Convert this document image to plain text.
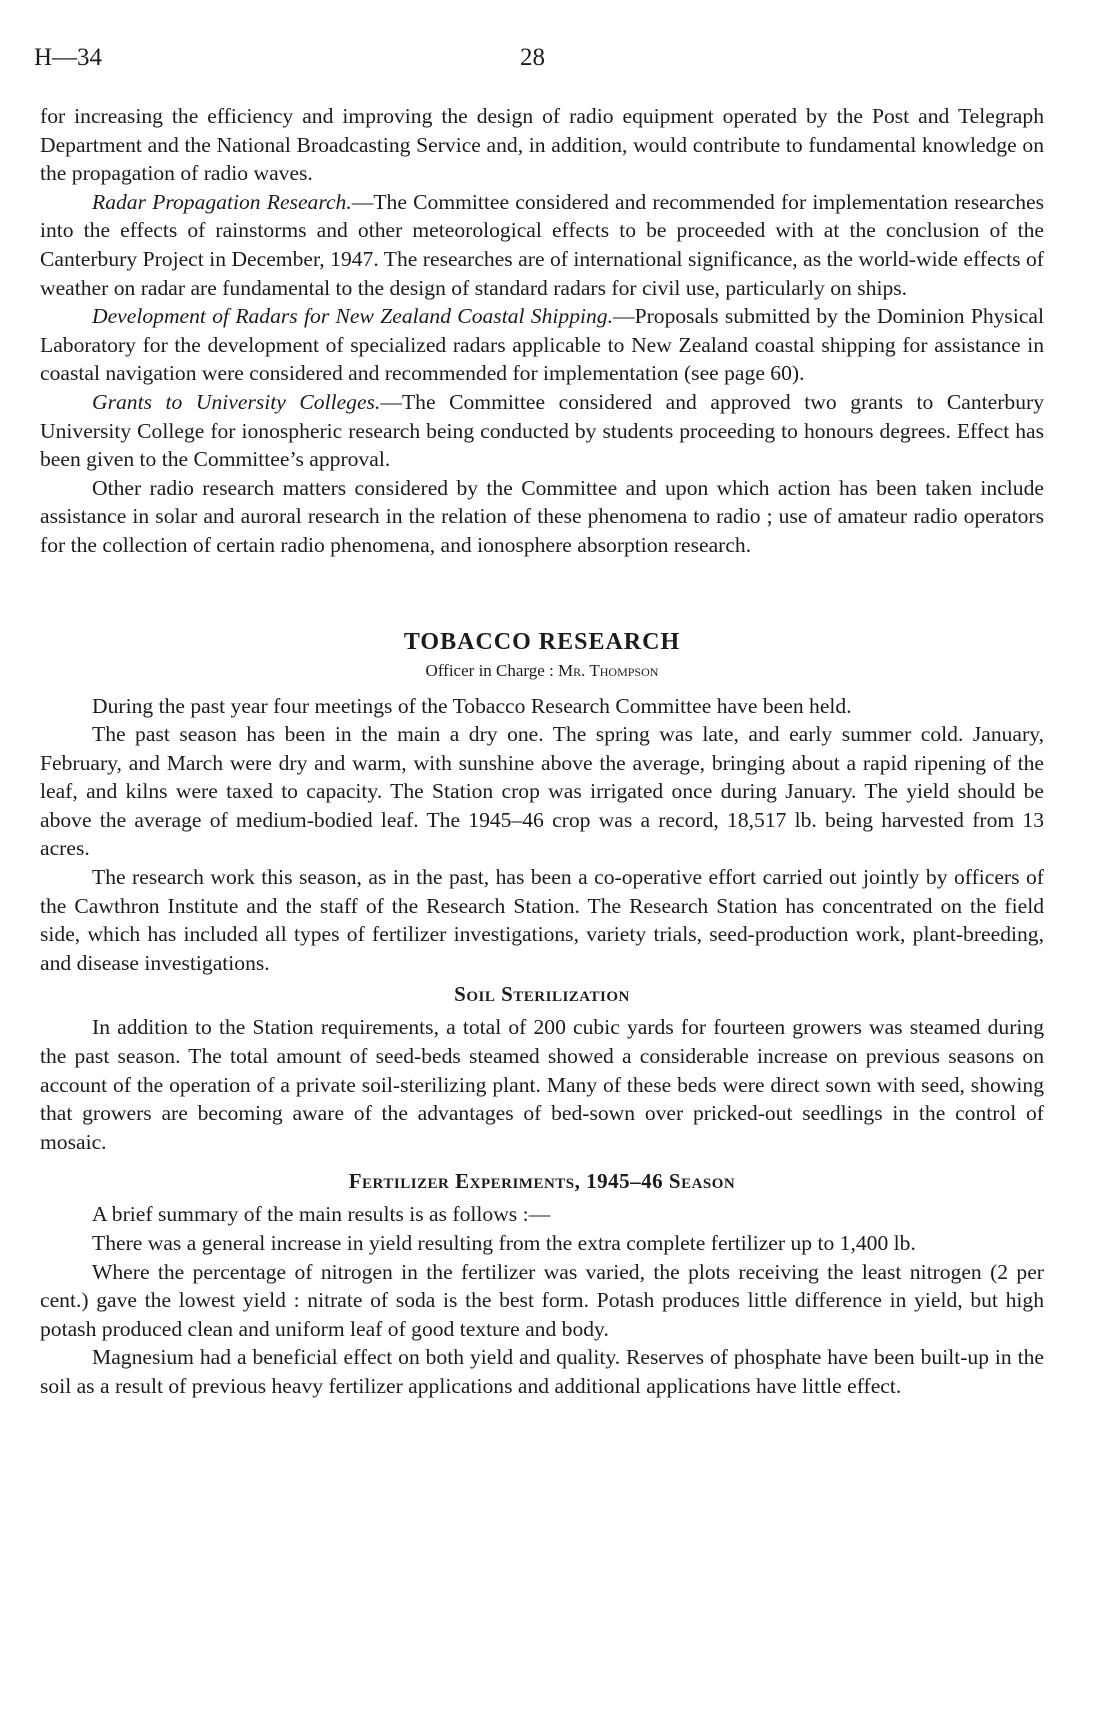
H—34	28

for increasing the efficiency and improving the design of radio equipment operated by the Post and Telegraph Department and the National Broadcasting Service and, in addition, would contribute to fundamental knowledge on the propagation of radio waves.

Radar Propagation Research.—The Committee considered and recommended for implementation researches into the effects of rainstorms and other meteorological effects to be proceeded with at the conclusion of the Canterbury Project in December, 1947. The researches are of international significance, as the world-wide effects of weather on radar are fundamental to the design of standard radars for civil use, particularly on ships.

Development of Radars for New Zealand Coastal Shipping.—Proposals submitted by the Dominion Physical Laboratory for the development of specialized radars applicable to New Zealand coastal shipping for assistance in coastal navigation were considered and recommended for implementation (see page 60).

Grants to University Colleges.—The Committee considered and approved two grants to Canterbury University College for ionospheric research being conducted by students proceeding to honours degrees. Effect has been given to the Committee’s approval.

Other radio research matters considered by the Committee and upon which action has been taken include assistance in solar and auroral research in the relation of these phenomena to radio ; use of amateur radio operators for the collection of certain radio phenomena, and ionosphere absorption research.

TOBACCO RESEARCH
Officer in Charge : Mr. Thompson

During the past year four meetings of the Tobacco Research Committee have been held.

The past season has been in the main a dry one. The spring was late, and early summer cold. January, February, and March were dry and warm, with sunshine above the average, bringing about a rapid ripening of the leaf, and kilns were taxed to capacity. The Station crop was irrigated once during January. The yield should be above the average of medium-bodied leaf. The 1945–46 crop was a record, 18,517 lb. being harvested from 13 acres.

The research work this season, as in the past, has been a co-operative effort carried out jointly by officers of the Cawthron Institute and the staff of the Research Station. The Research Station has concentrated on the field side, which has included all types of fertilizer investigations, variety trials, seed-production work, plant-breeding, and disease investigations.

Soil Sterilization

In addition to the Station requirements, a total of 200 cubic yards for fourteen growers was steamed during the past season. The total amount of seed-beds steamed showed a considerable increase on previous seasons on account of the operation of a private soil-sterilizing plant. Many of these beds were direct sown with seed, showing that growers are becoming aware of the advantages of bed-sown over pricked-out seedlings in the control of mosaic.

Fertilizer Experiments, 1945–46 Season

A brief summary of the main results is as follows :—

There was a general increase in yield resulting from the extra complete fertilizer up to 1,400 lb.

Where the percentage of nitrogen in the fertilizer was varied, the plots receiving the least nitrogen (2 per cent.) gave the lowest yield : nitrate of soda is the best form. Potash produces little difference in yield, but high potash produced clean and uniform leaf of good texture and body.

Magnesium had a beneficial effect on both yield and quality. Reserves of phosphate have been built-up in the soil as a result of previous heavy fertilizer applications and additional applications have little effect.
